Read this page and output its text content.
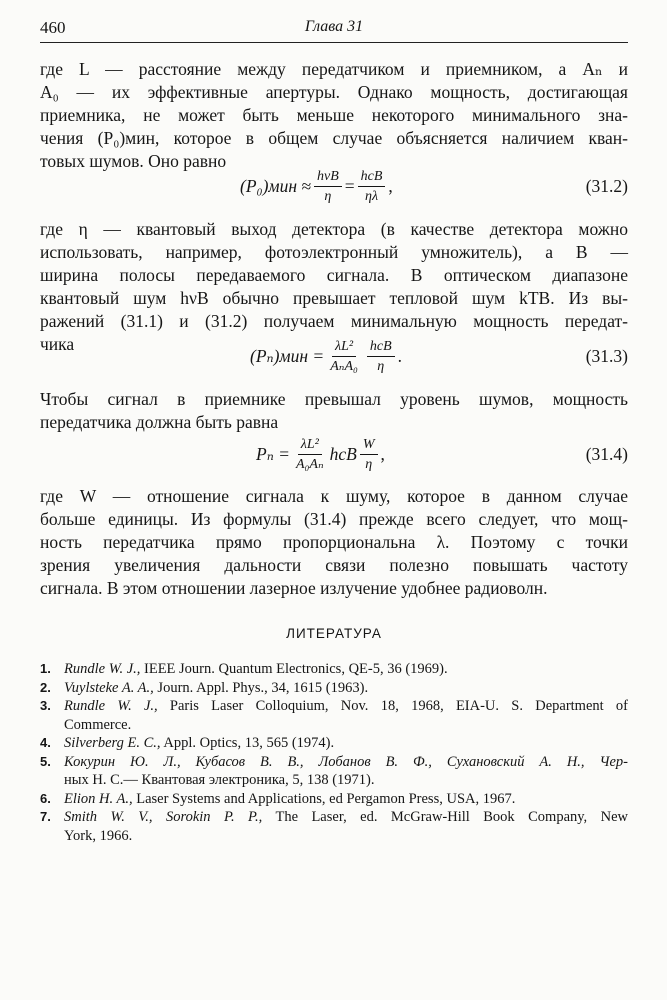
460	Глава 31
где L — расстояние между передатчиком и приемником, а Aₙ и
A₀ — их эффективные апертуры. Однако мощность, достигающая
приемника, не может быть меньше некоторого минимального зна-
чения (P₀)мин, которое в общем случае объясняется наличием кван-
товых шумов. Оно равно
$(P_0)мин \approx \frac{\text{hνB}}{\eta} = \frac{\text{hcB}}{\eta\lambda}$ ,	(31.2)
где η — квантовый выход детектора (в качестве детектора можно
использовать, например, фотоэлектронный умножитель), а B —
ширина полосы передаваемого сигнала. В оптическом диапазоне
квантовый шум hνB обычно превышает тепловой шум kTB. Из вы-
ражений (31.1) и (31.2) получаем минимальную мощность передат-
чика
$(P_n)мин = \frac{\text{λL²}}{\text{AₙA₀}} \frac{\text{hcB}}{\eta}$ .	(31.3)
Чтобы сигнал в приемнике превышал уровень шумов, мощность
передатчика должна быть равна
$P_n = \frac{\text{λL²}}{\text{A₀Aₙ}}$ hcB $\frac{W}{\eta}$ ,	(31.4)
где W — отношение сигнала к шуму, которое в данном случае
больше единицы. Из формулы (31.4) прежде всего следует, что мощ-
ность передатчика прямо пропорциональна λ. Поэтому с точки
зрения увеличения дальности связи полезно повышать частоту
сигнала. В этом отношении лазерное излучение удобнее радиоволн.
ЛИТЕРАТУРА
1. Rundle W. J., IEEE Journ. Quantum Electronics, QE-5, 36 (1969).
2. Vuylsteke A. A., Journ. Appl. Phys., 34, 1615 (1963).
3. Rundle W. J., Paris Laser Colloquium, Nov. 18, 1968, EIA-U. S. Department of
Commerce.
4. Silverberg E. C., Appl. Optics, 13, 565 (1974).
5. Кокурин Ю. Л., Кубасов В. В., Лобанов В. Ф., Сухановский А. Н., Чер-
ных Н. С.— Квантовая электроника, 5, 138 (1971).
6. Elion H. A., Laser Systems and Applications, ed Pergamon Press, USA, 1967.
7. Smith W. V., Sorokin P. P., The Laser, ed. McGraw-Hill Book Company, New
York, 1966.
